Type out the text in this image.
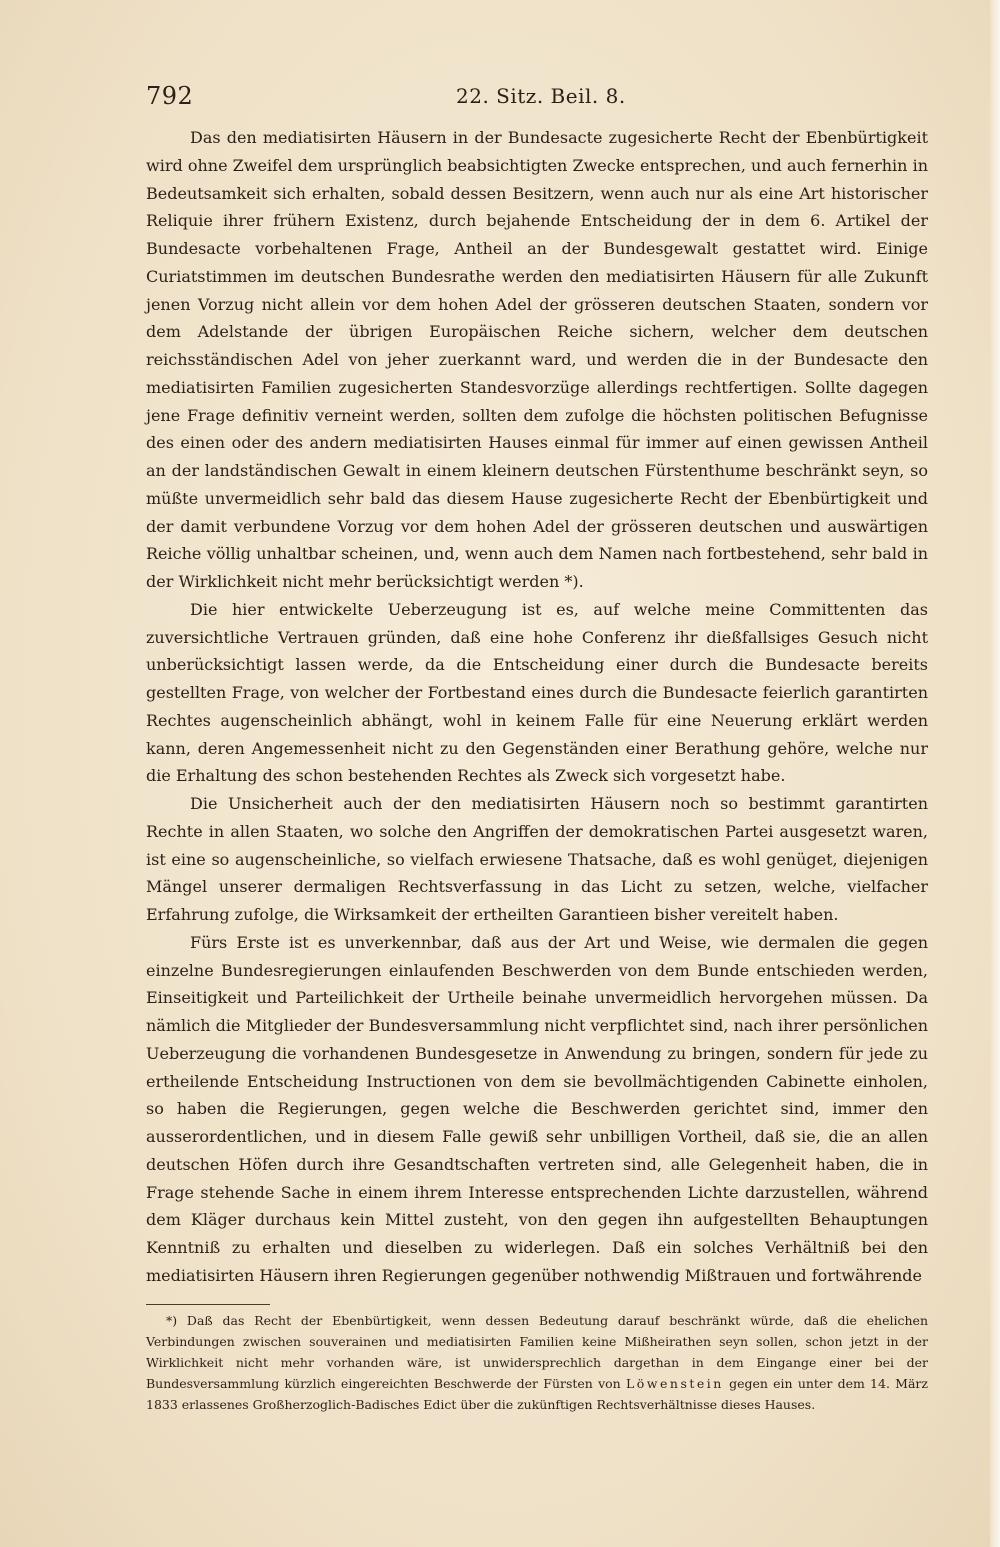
792	22. Sitz. Beil. 8.

Das den mediatisirten Häusern in der Bundesacte zugesicherte Recht der Ebenbürtigkeit wird ohne Zweifel dem ursprünglich beabsichtigten Zwecke entsprechen, und auch fernerhin in Bedeutsamkeit sich erhalten, sobald dessen Besitzern, wenn auch nur als eine Art historischer Reliquie ihrer frühern Existenz, durch bejahende Entscheidung der in dem 6. Artikel der Bundesacte vorbehaltenen Frage, Antheil an der Bundesgewalt gestattet wird. Einige Curiatstimmen im deutschen Bundesrathe werden den mediatisirten Häusern für alle Zukunft jenen Vorzug nicht allein vor dem hohen Adel der grösseren deutschen Staaten, sondern vor dem Adelstande der übrigen Europäischen Reiche sichern, welcher dem deutschen reichsständischen Adel von jeher zuerkannt ward, und werden die in der Bundesacte den mediatisirten Familien zugesicherten Standesvorzüge allerdings rechtfertigen. Sollte dagegen jene Frage definitiv verneint werden, sollten dem zufolge die höchsten politischen Befugnisse des einen oder des andern mediatisirten Hauses einmal für immer auf einen gewissen Antheil an der landständischen Gewalt in einem kleinern deutschen Fürstenthume beschränkt seyn, so müßte unvermeidlich sehr bald das diesem Hause zugesicherte Recht der Ebenbürtigkeit und der damit verbundene Vorzug vor dem hohen Adel der grösseren deutschen und auswärtigen Reiche völlig unhaltbar scheinen, und, wenn auch dem Namen nach fortbestehend, sehr bald in der Wirklichkeit nicht mehr berücksichtigt werden *).

Die hier entwickelte Ueberzeugung ist es, auf welche meine Committenten das zuversichtliche Vertrauen gründen, daß eine hohe Conferenz ihr dießfallsiges Gesuch nicht unberücksichtigt lassen werde, da die Entscheidung einer durch die Bundesacte bereits gestellten Frage, von welcher der Fortbestand eines durch die Bundesacte feierlich garantirten Rechtes augenscheinlich abhängt, wohl in keinem Falle für eine Neuerung erklärt werden kann, deren Angemessenheit nicht zu den Gegenständen einer Berathung gehöre, welche nur die Erhaltung des schon bestehenden Rechtes als Zweck sich vorgesetzt habe.

Die Unsicherheit auch der den mediatisirten Häusern noch so bestimmt garantirten Rechte in allen Staaten, wo solche den Angriffen der demokratischen Partei ausgesetzt waren, ist eine so augenscheinliche, so vielfach erwiesene Thatsache, daß es wohl genüget, diejenigen Mängel unserer dermaligen Rechtsverfassung in das Licht zu setzen, welche, vielfacher Erfahrung zufolge, die Wirksamkeit der ertheilten Garantieen bisher vereitelt haben.

Fürs Erste ist es unverkennbar, daß aus der Art und Weise, wie dermalen die gegen einzelne Bundesregierungen einlaufenden Beschwerden von dem Bunde entschieden werden, Einseitigkeit und Parteilichkeit der Urtheile beinahe unvermeidlich hervorgehen müssen. Da nämlich die Mitglieder der Bundesversammlung nicht verpflichtet sind, nach ihrer persönlichen Ueberzeugung die vorhandenen Bundesgesetze in Anwendung zu bringen, sondern für jede zu ertheilende Entscheidung Instructionen von dem sie bevollmächtigenden Cabinette einholen, so haben die Regierungen, gegen welche die Beschwerden gerichtet sind, immer den ausserordentlichen, und in diesem Falle gewiß sehr unbilligen Vortheil, daß sie, die an allen deutschen Höfen durch ihre Gesandtschaften vertreten sind, alle Gelegenheit haben, die in Frage stehende Sache in einem ihrem Interesse entsprechenden Lichte darzustellen, während dem Kläger durchaus kein Mittel zusteht, von den gegen ihn aufgestellten Behauptungen Kenntniß zu erhalten und dieselben zu widerlegen. Daß ein solches Verhältniß bei den mediatisirten Häusern ihren Regierungen gegenüber nothwendig Mißtrauen und fortwährende

*) Daß das Recht der Ebenbürtigkeit, wenn dessen Bedeutung darauf beschränkt würde, daß die ehelichen Verbindungen zwischen souverainen und mediatisirten Familien keine Mißheirathen seyn sollen, schon jetzt in der Wirklichkeit nicht mehr vorhanden wäre, ist unwidersprechlich dargethan in dem Eingange einer bei der Bundesversammlung kürzlich eingereichten Beschwerde der Fürsten von Löwenstein gegen ein unter dem 14. März 1833 erlassenes Großherzoglich-Badisches Edict über die zukünftigen Rechtsverhältnisse dieses Hauses.
